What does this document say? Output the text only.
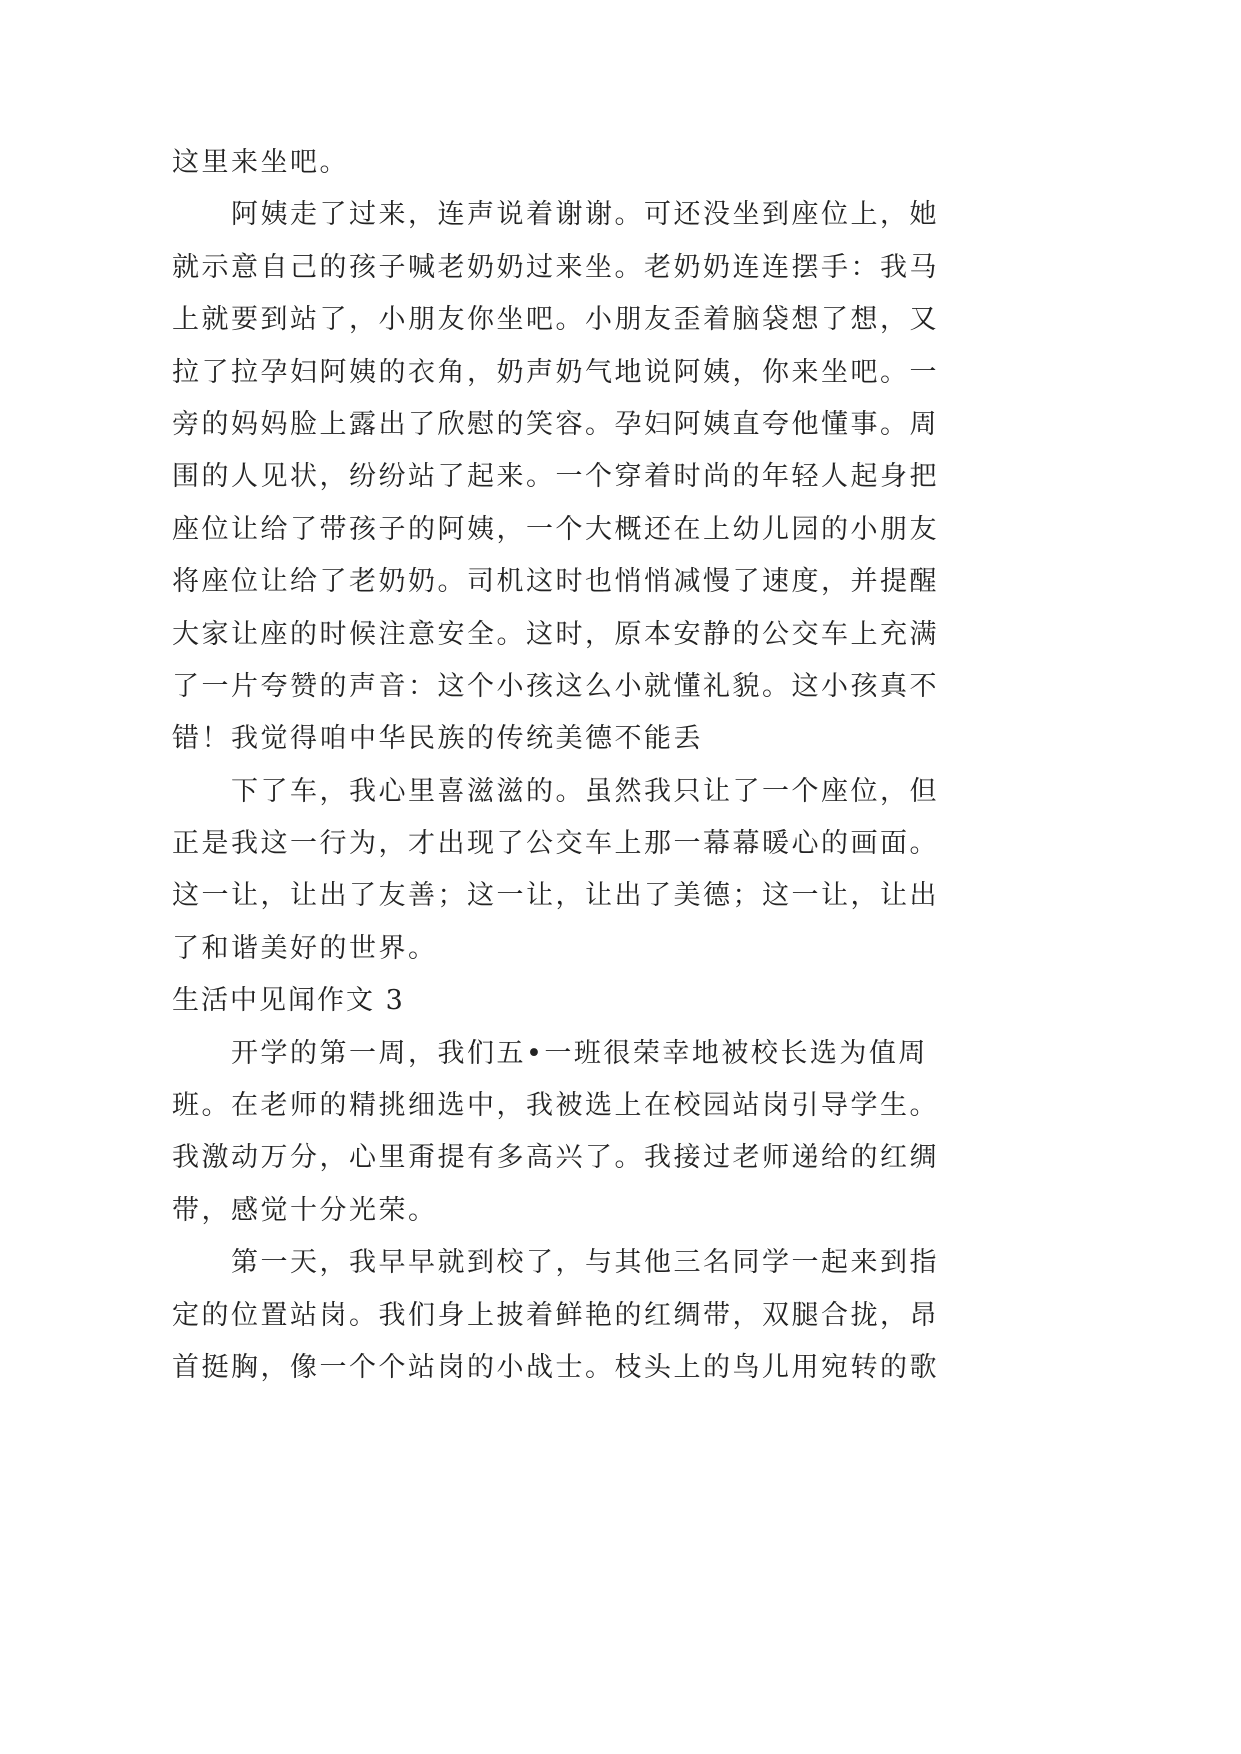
这里来坐吧。
阿姨走了过来，连声说着谢谢。可还没坐到座位上，她
就示意自己的孩子喊老奶奶过来坐。老奶奶连连摆手：我马
上就要到站了，小朋友你坐吧。小朋友歪着脑袋想了想，又
拉了拉孕妇阿姨的衣角，奶声奶气地说阿姨，你来坐吧。一
旁的妈妈脸上露出了欣慰的笑容。孕妇阿姨直夸他懂事。周
围的人见状，纷纷站了起来。一个穿着时尚的年轻人起身把
座位让给了带孩子的阿姨，一个大概还在上幼儿园的小朋友
将座位让给了老奶奶。司机这时也悄悄减慢了速度，并提醒
大家让座的时候注意安全。这时，原本安静的公交车上充满
了一片夸赞的声音：这个小孩这么小就懂礼貌。这小孩真不
错！我觉得咱中华民族的传统美德不能丢
下了车，我心里喜滋滋的。虽然我只让了一个座位，但
正是我这一行为，才出现了公交车上那一幕幕暖心的画面。
这一让，让出了友善；这一让，让出了美德；这一让，让出
了和谐美好的世界。
生活中见闻作文 3
开学的第一周，我们五•一班很荣幸地被校长选为值周
班。在老师的精挑细选中，我被选上在校园站岗引导学生。
我激动万分，心里甭提有多高兴了。我接过老师递给的红绸
带，感觉十分光荣。
第一天，我早早就到校了，与其他三名同学一起来到指
定的位置站岗。我们身上披着鲜艳的红绸带，双腿合拢，昂
首挺胸，像一个个站岗的小战士。枝头上的鸟儿用宛转的歌
